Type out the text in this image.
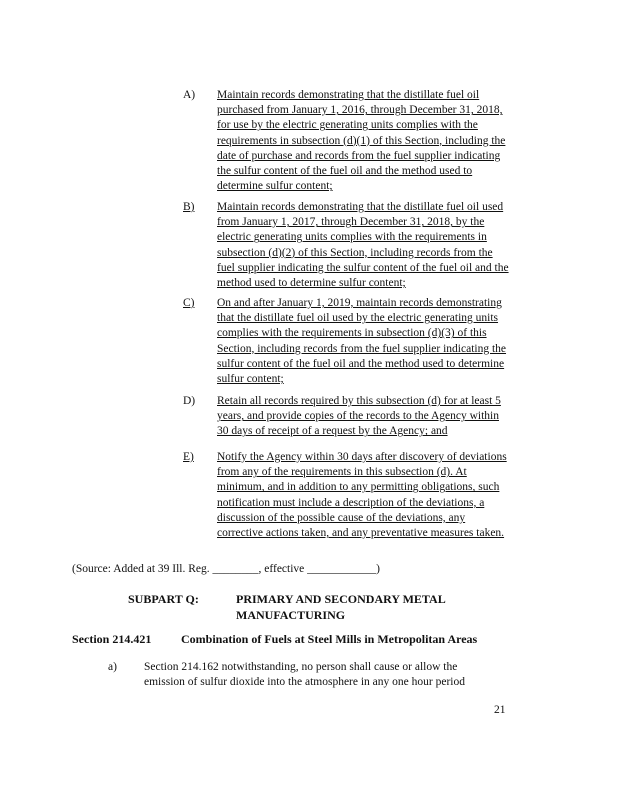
A) Maintain records demonstrating that the distillate fuel oil purchased from January 1, 2016, through December 31, 2018, for use by the electric generating units complies with the requirements in subsection (d)(1) of this Section, including the date of purchase and records from the fuel supplier indicating the sulfur content of the fuel oil and the method used to determine sulfur content;
B) Maintain records demonstrating that the distillate fuel oil used from January 1, 2017, through December 31, 2018, by the electric generating units complies with the requirements in subsection (d)(2) of this Section, including records from the fuel supplier indicating the sulfur content of the fuel oil and the method used to determine sulfur content;
C) On and after January 1, 2019, maintain records demonstrating that the distillate fuel oil used by the electric generating units complies with the requirements in subsection (d)(3) of this Section, including records from the fuel supplier indicating the sulfur content of the fuel oil and the method used to determine sulfur content;
D) Retain all records required by this subsection (d) for at least 5 years, and provide copies of the records to the Agency within 30 days of receipt of a request by the Agency; and
E) Notify the Agency within 30 days after discovery of deviations from any of the requirements in this subsection (d). At minimum, and in addition to any permitting obligations, such notification must include a description of the deviations, a discussion of the possible cause of the deviations, any corrective actions taken, and any preventative measures taken.
(Source: Added at 39 Ill. Reg. ________, effective ____________)
SUBPART Q:	PRIMARY AND SECONDARY METAL
MANUFACTURING
Section 214.421 Combination of Fuels at Steel Mills in Metropolitan Areas
a) Section 214.162 notwithstanding, no person shall cause or allow the emission of sulfur dioxide into the atmosphere in any one hour period
21
